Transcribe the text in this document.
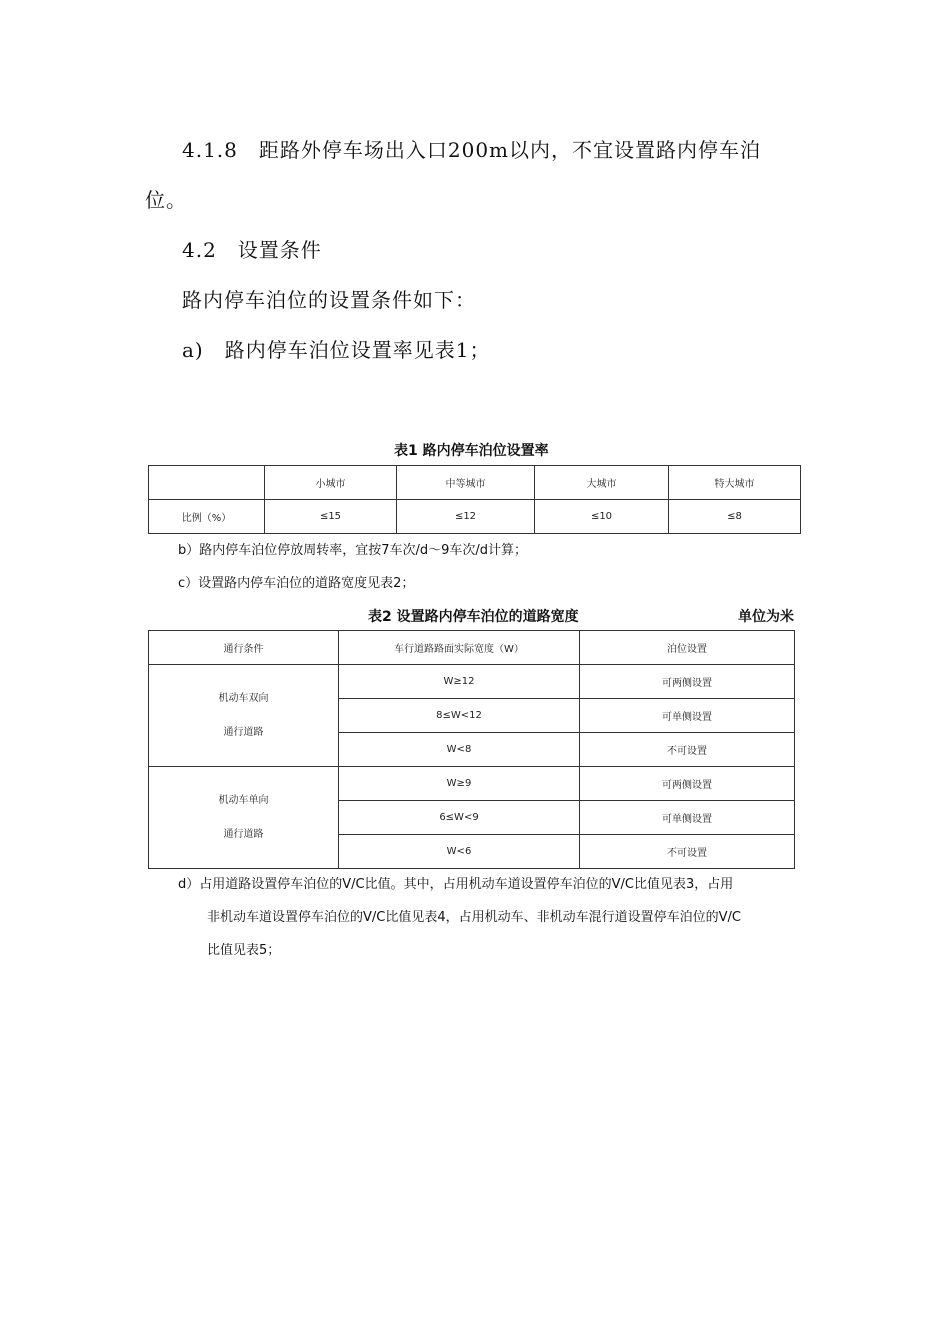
4.1.8　距路外停车场出入口200m以内，不宜设置路内停车泊
位。
4.2　设置条件
路内停车泊位的设置条件如下：
a)　路内停车泊位设置率见表1；
表1 路内停车泊位设置率
	小城市	中等城市	大城市	特大城市
比例（%）	≤15	≤12	≤10	≤8
b）路内停车泊位停放周转率，宜按7车次/d～9车次/d计算；
c）设置路内停车泊位的道路宽度见表2；
表2 设置路内停车泊位的道路宽度	单位为米
通行条件	车行道路路面实际宽度（W）	泊位设置

机动车双向
通行道路	W≥12	可两侧设置
	8≤W<12	可单侧设置
	W<8	不可设置

机动车单向
通行道路	W≥9	可两侧设置
	6≤W<9	可单侧设置
	W<6	不可设置
d）占用道路设置停车泊位的V/C比值。其中，占用机动车道设置停车泊位的V/C比值见表3，占用
非机动车道设置停车泊位的V/C比值见表4，占用机动车、非机动车混行道设置停车泊位的V/C
比值见表5；
